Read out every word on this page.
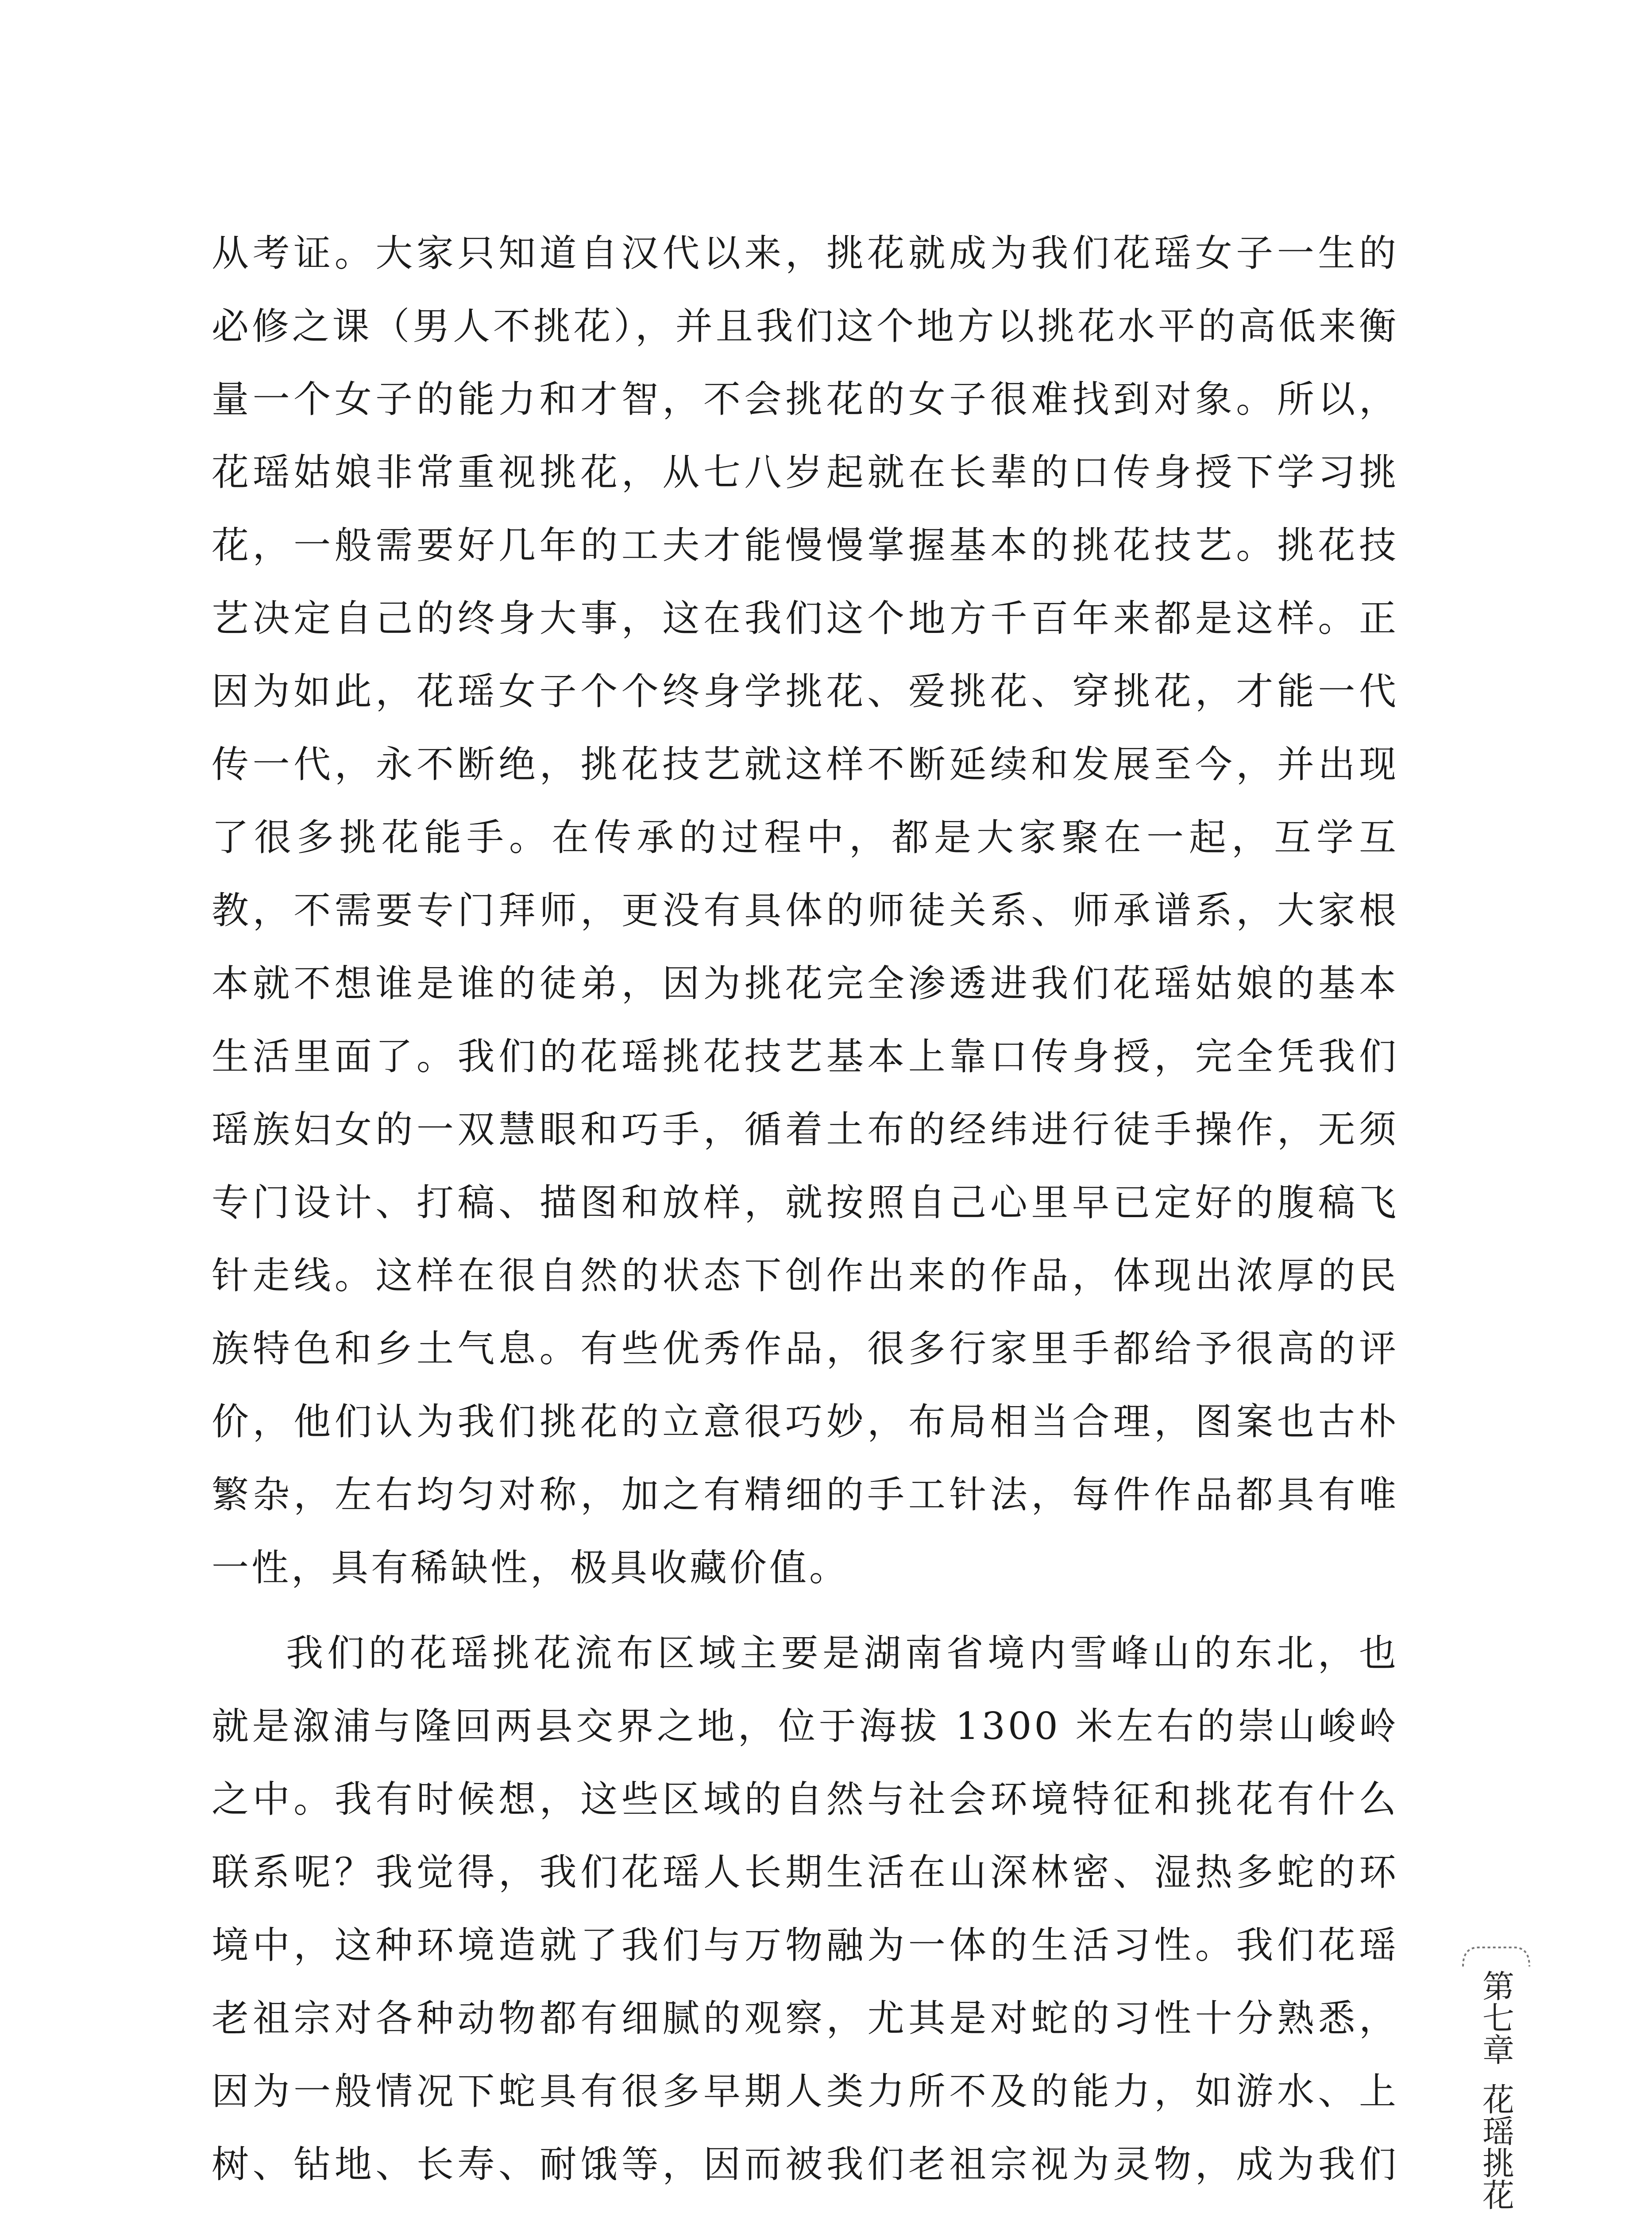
从考证。大家只知道自汉代以来，挑花就成为我们花瑶女子一生的必修之课（男人不挑花），并且我们这个地方以挑花水平的高低来衡量一个女子的能力和才智，不会挑花的女子很难找到对象。所以，花瑶姑娘非常重视挑花，从七八岁起就在长辈的口传身授下学习挑花，一般需要好几年的工夫才能慢慢掌握基本的挑花技艺。挑花技艺决定自己的终身大事，这在我们这个地方千百年来都是这样。正因为如此，花瑶女子个个终身学挑花、爱挑花、穿挑花，才能一代传一代，永不断绝，挑花技艺就这样不断延续和发展至今，并出现了很多挑花能手。在传承的过程中，都是大家聚在一起，互学互教，不需要专门拜师，更没有具体的师徒关系、师承谱系，大家根本就不想谁是谁的徒弟，因为挑花完全渗透进我们花瑶姑娘的基本生活里面了。我们的花瑶挑花技艺基本上靠口传身授，完全凭我们瑶族妇女的一双慧眼和巧手，循着土布的经纬进行徒手操作，无须专门设计、打稿、描图和放样，就按照自己心里早已定好的腹稿飞针走线。这样在很自然的状态下创作出来的作品，体现出浓厚的民族特色和乡土气息。有些优秀作品，很多行家里手都给予很高的评价，他们认为我们挑花的立意很巧妙，布局相当合理，图案也古朴繁杂，左右均匀对称，加之有精细的手工针法，每件作品都具有唯一性，具有稀缺性，极具收藏价值。

我们的花瑶挑花流布区域主要是湖南省境内雪峰山的东北，也就是溆浦与隆回两县交界之地，位于海拔 1300 米左右的崇山峻岭之中。我有时候想，这些区域的自然与社会环境特征和挑花有什么联系呢？我觉得，我们花瑶人长期生活在山深林密、湿热多蛇的环境中，这种环境造就了我们与万物融为一体的生活习性。我们花瑶老祖宗对各种动物都有细腻的观察，尤其是对蛇的习性十分熟悉，因为一般情况下蛇具有很多早期人类力所不及的能力，如游水、上树、钻地、长寿、耐饿等，因而被我们老祖宗视为灵物，成为我们

第七章花瑶挑花
